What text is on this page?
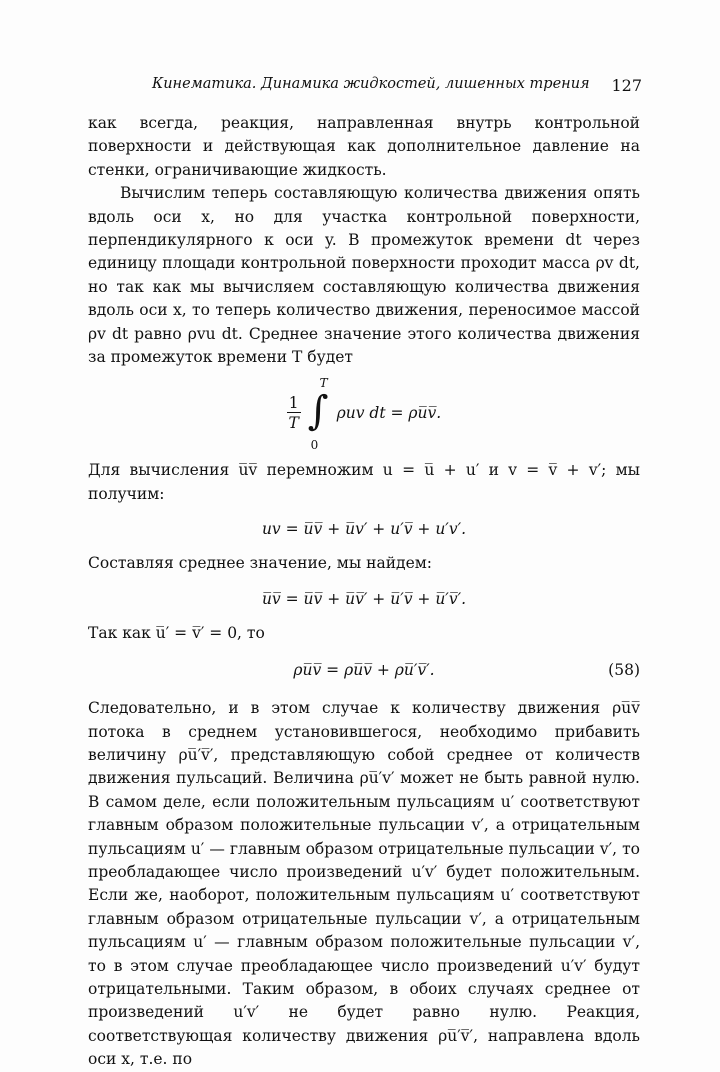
Кинематика. Динамика жидкостей, лишенных трения 127

как всегда, реакция, направленная внутрь контрольной поверхности и действующая как дополнительное давление на стенки, ограничивающие жидкость.

Вычислим теперь составляющую количества движения опять вдоль оси x, но для участка контрольной поверхности, перпендикулярного к оси y. В промежуток времени dt через единицу площади контрольной поверхности проходит масса ρv dt, но так как мы вычисляем составляющую количества движения вдоль оси x, то теперь количество движения, переносимое массой ρv dt равно ρvu dt. Среднее значение этого количества движения за промежуток времени T будет

$\frac{1}{T}$
T
∫
0
ρuv dt = ρu̅v̅.

Для вычисления u̅v̅ перемножим u = u̅ + u′ и v = v̅ + v′; мы получим:

uv = u̅v̅ + u̅v′ + u′v̅ + u′v′.

Составляя среднее значение, мы найдем:

u̅v̅ = u̅v̅ + u̅v̅′ + u̅′v̅ + u̅′v̅′.

Так как u̅′ = v̅′ = 0, то

ρu̅v̅ = ρu̅v̅ + ρu̅′v̅′.	(58)

Следовательно, и в этом случае к количеству движения ρu̅v̅ потока в среднем установившегося, необходимо прибавить величину ρu̅′v̅′, представляющую собой среднее от количеств движения пульсаций. Величина ρu̅′v′ может не быть равной нулю. В самом деле, если положительным пульсациям u′ соответствуют главным образом положительные пульсации v′, а отрицательным пульсациям u′ — главным образом отрицательные пульсации v′, то преобладающее число произведений u′v′ будет положительным. Если же, наоборот, положительным пульсациям u′ соответствуют главным образом отрицательные пульсации v′, а отрицательным пульсациям u′ — главным образом положительные пульсации v′, то в этом случае преобладающее число произведений u′v′ будут отрицательными. Таким образом, в обоих случаях среднее от произведений u′v′ не будет равно нулю. Реакция, соответствующая количеству движения ρu̅′v̅′, направлена вдоль оси x, т.е. по
